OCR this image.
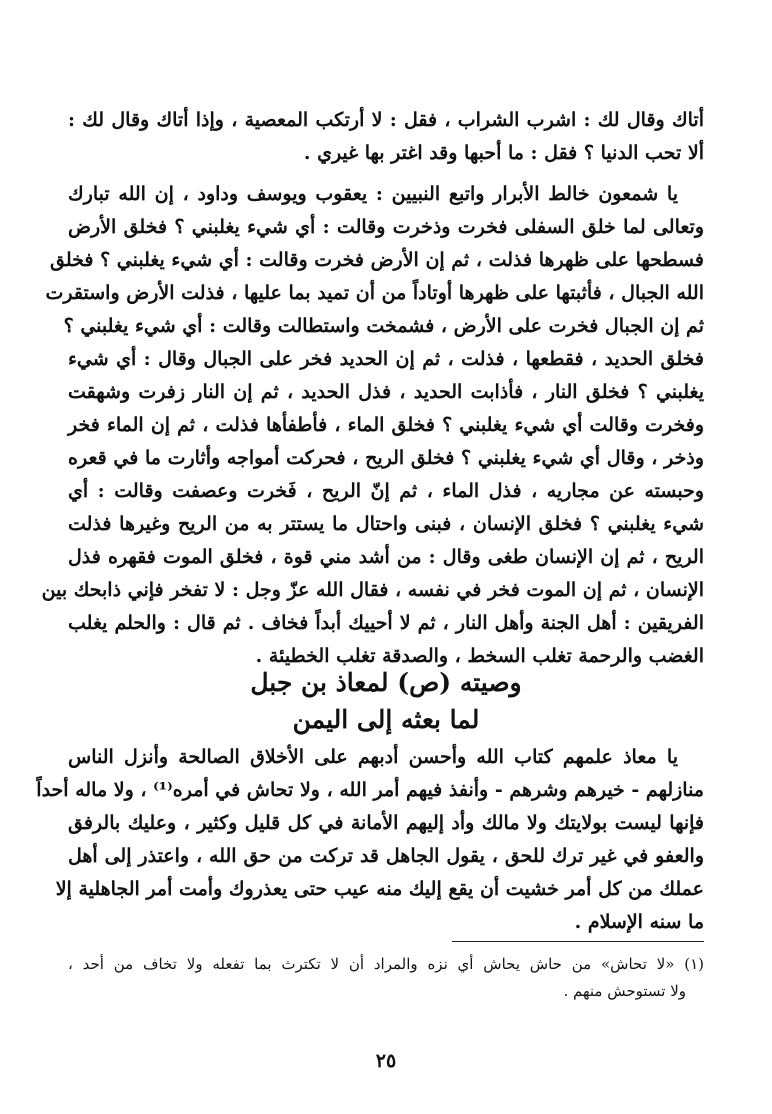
أتاك وقال لك : اشرب الشراب ، فقل : لا أرتكب المعصية ، وإذا أتاك وقال لك :
ألا تحب الدنيا ؟ فقل : ما أحبها وقد اغتر بها غيري .
يا شمعون خالط الأبرار واتبع النبيين : يعقوب ويوسف وداود ، إن الله تبارك
وتعالى لما خلق السفلى فخرت وذخرت وقالت : أي شيء يغلبني ؟ فخلق الأرض
فسطحها على ظهرها فذلت ، ثم إن الأرض فخرت وقالت : أي شيء يغلبني ؟ فخلق
الله الجبال ، فأثبتها على ظهرها أوتاداً من أن تميد بما عليها ، فذلت الأرض واستقرت
ثم إن الجبال فخرت على الأرض ، فشمخت واستطالت وقالت : أي شيء يغلبني ؟
فخلق الحديد ، فقطعها ، فذلت ، ثم إن الحديد فخر على الجبال وقال : أي شيء
يغلبني ؟ فخلق النار ، فأذابت الحديد ، فذل الحديد ، ثم إن النار زفرت وشهقت
وفخرت وقالت أي شيء يغلبني ؟ فخلق الماء ، فأطفأها فذلت ، ثم إن الماء فخر
وذخر ، وقال أي شيء يغلبني ؟ فخلق الريح ، فحركت أمواجه وأثارت ما في قعره
وحبسته عن مجاريه ، فذل الماء ، ثم إنّ الريح ، فَخرت وعصفت وقالت : أي
شيء يغلبني ؟ فخلق الإنسان ، فبنى واحتال ما يستتر به من الريح وغيرها فذلت
الريح ، ثم إن الإنسان طغى وقال : من أشد مني قوة ، فخلق الموت فقهره فذل
الإنسان ، ثم إن الموت فخر في نفسه ، فقال الله عزّ وجل : لا تفخر فإني ذابحك بين
الفريقين : أهل الجنة وأهل النار ، ثم لا أحييك أبداً فخاف . ثم قال : والحلم يغلب
الغضب والرحمة تغلب السخط ، والصدقة تغلب الخطيئة .
وصيته (ص) لمعاذ بن جبل
لما بعثه إلى اليمن
يا معاذ علمهم كتاب الله وأحسن أدبهم على الأخلاق الصالحة وأنزل الناس
منازلهم - خيرهم وشرهم - وأنفذ فيهم أمر الله ، ولا تحاش في أمره⁽¹⁾ ، ولا ماله أحداً
فإنها ليست بولايتك ولا مالك وأد إليهم الأمانة في كل قليل وكثير ، وعليك بالرفق
والعفو في غير ترك للحق ، يقول الجاهل قد تركت من حق الله ، واعتذر إلى أهل
عملك من كل أمر خشيت أن يقع إليك منه عيب حتى يعذروك وأمت أمر الجاهلية إلا
ما سنه الإسلام .
(١) «لا تحاش» من حاش يحاش أي نزه والمراد أن لا تكترث بما تفعله ولا تخاف من أحد ،
ولا تستوحش منهم .
٢٥
